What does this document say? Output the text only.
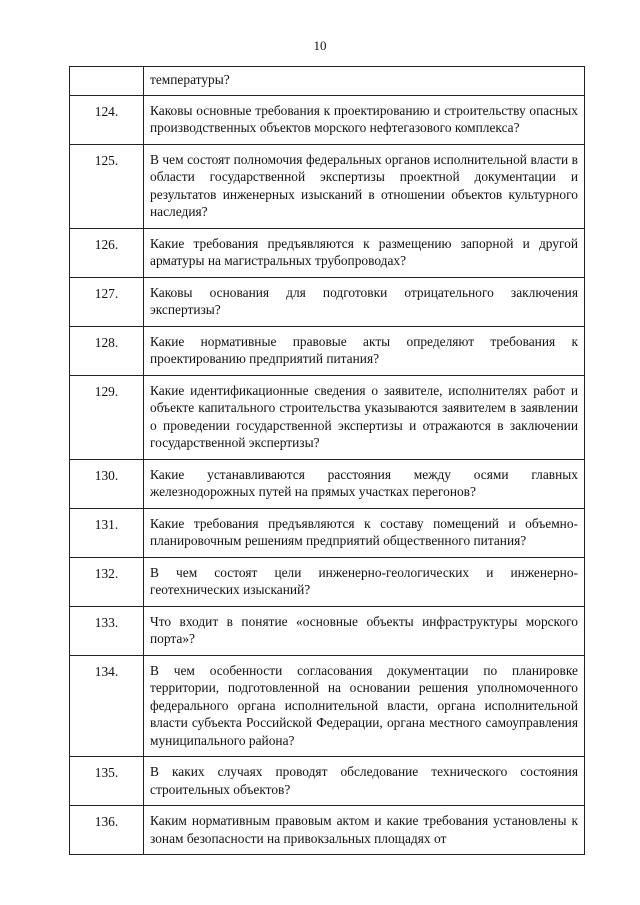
10
	температуры?
124.	Каковы основные требования к проектированию и строительству опасных производственных объектов морского нефтегазового комплекса?
125.	В чем состоят полномочия федеральных органов исполнительной власти в области государственной экспертизы проектной документации и результатов инженерных изысканий в отношении объектов культурного наследия?
126.	Какие требования предъявляются к размещению запорной и другой арматуры на магистральных трубопроводах?
127.	Каковы основания для подготовки отрицательного заключения экспертизы?
128.	Какие нормативные правовые акты определяют требования к проектированию предприятий питания?
129.	Какие идентификационные сведения о заявителе, исполнителях работ и объекте капитального строительства указываются заявителем в заявлении о проведении государственной экспертизы и отражаются в заключении государственной экспертизы?
130.	Какие устанавливаются расстояния между осями главных железнодорожных путей на прямых участках перегонов?
131.	Какие требования предъявляются к составу помещений и объемно-планировочным решениям предприятий общественного питания?
132.	В чем состоят цели инженерно-геологических и инженерно-геотехнических изысканий?
133.	Что входит в понятие «основные объекты инфраструктуры морского порта»?
134.	В чем особенности согласования документации по планировке территории, подготовленной на основании решения уполномоченного федерального органа исполнительной власти, органа исполнительной власти субъекта Российской Федерации, органа местного самоуправления муниципального района?
135.	В каких случаях проводят обследование технического состояния строительных объектов?
136.	Каким нормативным правовым актом и какие требования установлены к зонам безопасности на привокзальных площадях от
